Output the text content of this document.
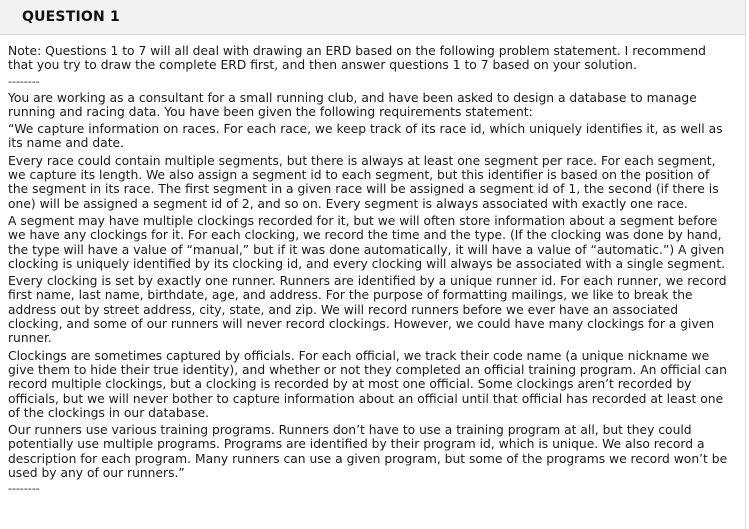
QUESTION 1

Note: Questions 1 to 7 will all deal with drawing an ERD based on the following problem statement. I recommend that you try to draw the complete ERD first, and then answer questions 1 to 7 based on your solution.

--------

You are working as a consultant for a small running club, and have been asked to design a database to manage running and racing data. You have been given the following requirements statement:

“We capture information on races. For each race, we keep track of its race id, which uniquely identifies it, as well as its name and date.

Every race could contain multiple segments, but there is always at least one segment per race. For each segment, we capture its length. We also assign a segment id to each segment, but this identifier is based on the position of the segment in its race. The first segment in a given race will be assigned a segment id of 1, the second (if there is one) will be assigned a segment id of 2, and so on. Every segment is always associated with exactly one race.

A segment may have multiple clockings recorded for it, but we will often store information about a segment before we have any clockings for it. For each clocking, we record the time and the type. (If the clocking was done by hand, the type will have a value of “manual,” but if it was done automatically, it will have a value of “automatic.”) A given clocking is uniquely identified by its clocking id, and every clocking will always be associated with a single segment.

Every clocking is set by exactly one runner. Runners are identified by a unique runner id. For each runner, we record first name, last name, birthdate, age, and address. For the purpose of formatting mailings, we like to break the address out by street address, city, state, and zip. We will record runners before we ever have an associated clocking, and some of our runners will never record clockings. However, we could have many clockings for a given runner.

Clockings are sometimes captured by officials. For each official, we track their code name (a unique nickname we give them to hide their true identity), and whether or not they completed an official training program. An official can record multiple clockings, but a clocking is recorded by at most one official. Some clockings aren’t recorded by officials, but we will never bother to capture information about an official until that official has recorded at least one of the clockings in our database.

Our runners use various training programs. Runners don’t have to use a training program at all, but they could potentially use multiple programs. Programs are identified by their program id, which is unique. We also record a description for each program. Many runners can use a given program, but some of the programs we record won’t be used by any of our runners.”

--------
